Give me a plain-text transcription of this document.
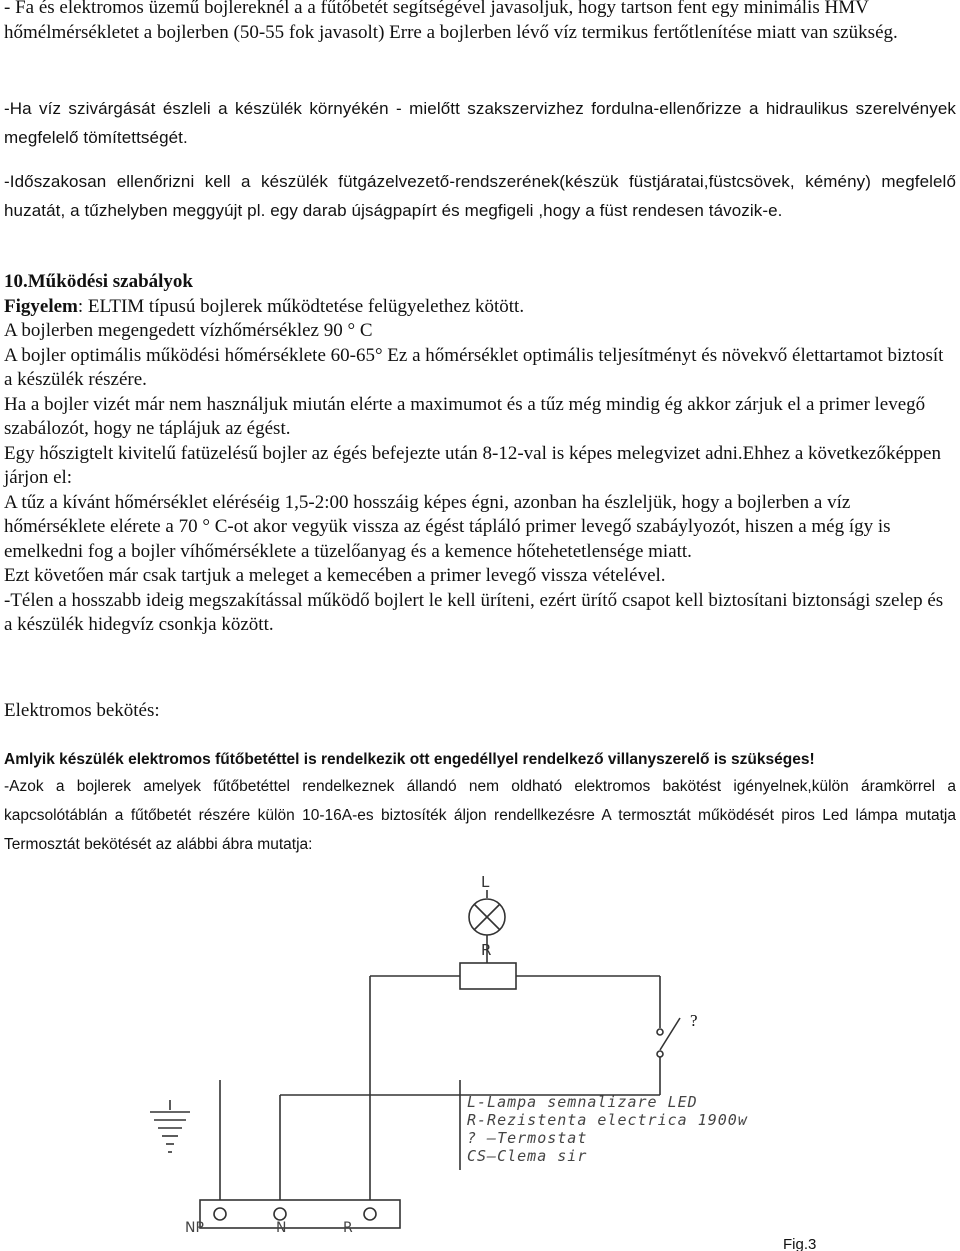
- Fa és elektromos üzemű bojlereknél a a fűtőbetét segítségével javasoljuk, hogy tartson fent egy minimális HMV hőmélmérsékletet a bojlerben (50-55 fok javasolt) Erre a bojlerben lévő víz termikus fertőtlenítése miatt van szükség.

-Ha víz szivárgását észleli a készülék környékén - mielőtt szakszervizhez fordulna-ellenőrizze a hidraulikus szerelvények megfelelő tömítettségét.

-Időszakosan ellenőrizni kell a készülék fütgázelvezető-rendszerének(készük füstjáratai,füstcsövek, kémény) megfelelő huzatát, a tűzhelyben meggyújt pl. egy darab újságpapírt és megfigeli ,hogy a füst rendesen távozik-e.

10.Működési szabályok

Figyelem: ELTIM típusú bojlerek működtetése felügyelethez kötött.

A bojlerben megengedett vízhőmérséklez 90 ° C

A bojler optimális működési hőmérséklete 60-65° Ez a hőmérséklet optimális teljesítményt és növekvő élettartamot biztosít a készülék részére.

Ha a bojler vizét már nem használjuk miután elérte a maximumot és a tűz még mindig ég akkor zárjuk el a primer levegő szabálozót, hogy ne táplájuk az égést.

Egy hőszigtelt kivitelű fatüzelésű bojler az égés befejezte után 8-12-val is képes melegvizet adni.Ehhez a következőképpen járjon el:

A tűz a kívánt hőmérséklet eléréséig 1,5-2:00 hosszáig képes égni, azonban ha észleljük, hogy a bojlerben a víz hőmérséklete elérete a 70 ° C-ot akor vegyük vissza az égést tápláló primer levegő szabáylyozót, hiszen a még így is emelkedni fog a bojler víhőmérséklete a tüzelőanyag és a kemence hőtehetetlensége miatt.

Ezt követően már csak tartjuk a meleget a kemecében a primer levegő vissza vételével.

-Télen a hosszabb ideig megszakítással működő bojlert le kell üríteni, ezért ürítő csapot kell biztosítani biztonsági szelep és a készülék hidegvíz csonkja között.

Elektromos bekötés:

Amlyik készülék elektromos fűtőbetéttel is rendelkezik ott engedéllyel rendelkező villanyszerelő is szükséges!

-Azok a bojlerek amelyek fűtőbetéttel rendelkeznek állandó nem oldható elektromos bakötést igényelnek,külön áramkörrel a kapcsolótáblán a fűtőbetét részére külön 10-16A-es biztosíték áljon rendellkezésre A termosztát működését piros Led lámpa mutatja Termosztát bekötését az alábbi ábra mutatja:

L
R
?
L-Lampa semnalizare LED
R-Rezistenta electrica 1900w
? —Termostat
CS—Clema sir
NP	N	R
Fig.3
